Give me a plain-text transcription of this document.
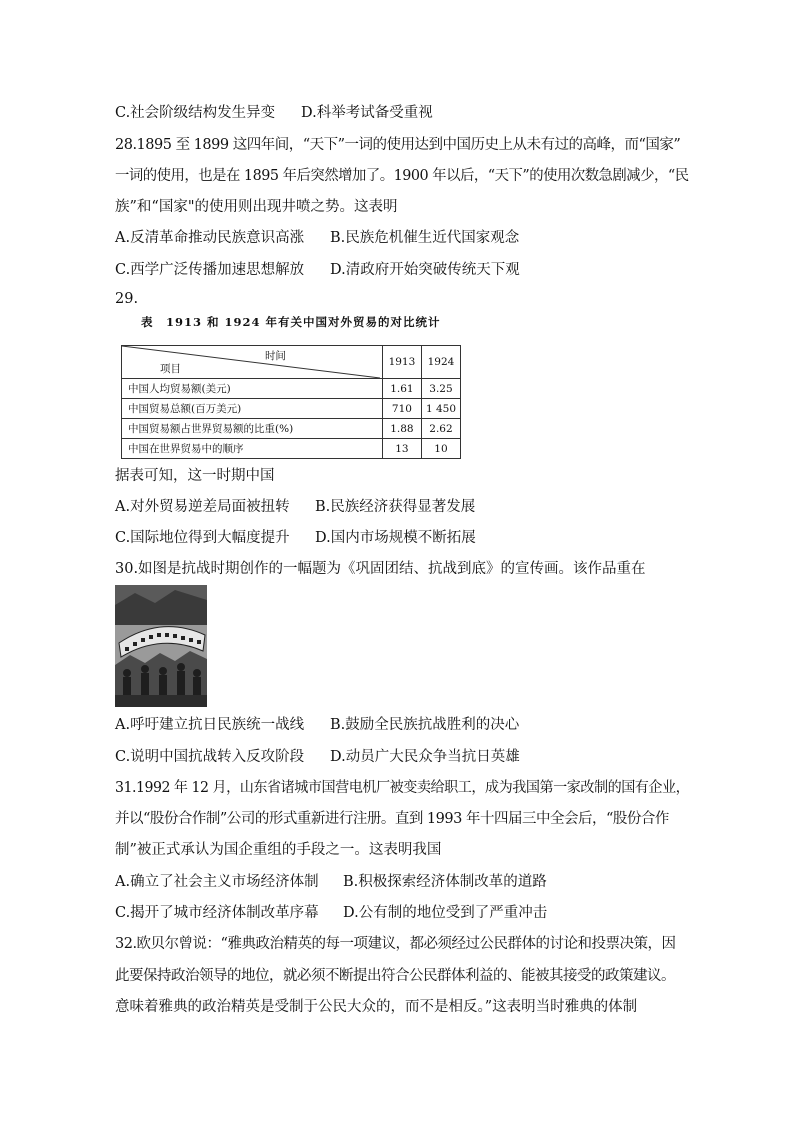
C.社会阶级结构发生异变 D.科举考试备受重视
28.1895 至 1899 这四年间，“天下”一词的使用达到中国历史上从未有过的高峰，而“国家”
一词的使用，也是在 1895 年后突然增加了。1900 年以后，“天下”的使用次数急剧减少，“民
族”和“国家"的使用则出现井喷之势。这表明
A.反清革命推动民族意识高涨 B.民族危机催生近代国家观念
C.西学广泛传播加速思想解放 D.清政府开始突破传统天下观
29.
表　1913 和 1924 年有关中国对外贸易的对比统计
时间
项目	1913	1924
中国人均贸易额(美元)	1.61	3.25
中国贸易总额(百万美元)	710	1 450
中国贸易额占世界贸易额的比重(%)	1.88	2.62
中国在世界贸易中的顺序	13	10
据表可知，这一时期中国
A.对外贸易逆差局面被扭转 B.民族经济获得显著发展
C.国际地位得到大幅度提升 D.国内市场规模不断拓展
30.如图是抗战时期创作的一幅题为《巩固团结、抗战到底》的宣传画。该作品重在
A.呼吁建立抗日民族统一战线 B.鼓励全民族抗战胜利的决心
C.说明中国抗战转入反攻阶段 D.动员广大民众争当抗日英雄
31.1992 年 12 月，山东省诸城市国营电机厂被变卖给职工，成为我国第一家改制的国有企业，
并以“股份合作制”公司的形式重新进行注册。直到 1993 年十四届三中全会后，“股份合作
制”被正式承认为国企重组的手段之一。这表明我国
A.确立了社会主义市场经济体制 B.积极探索经济体制改革的道路
C.揭开了城市经济体制改革序幕 D.公有制的地位受到了严重冲击
32.欧贝尔曾说：“雅典政治精英的每一项建议，都必须经过公民群体的讨论和投票决策，因
此要保持政治领导的地位，就必须不断提出符合公民群体利益的、能被其接受的政策建议。
意味着雅典的政治精英是受制于公民大众的，而不是相反。”这表明当时雅典的体制
